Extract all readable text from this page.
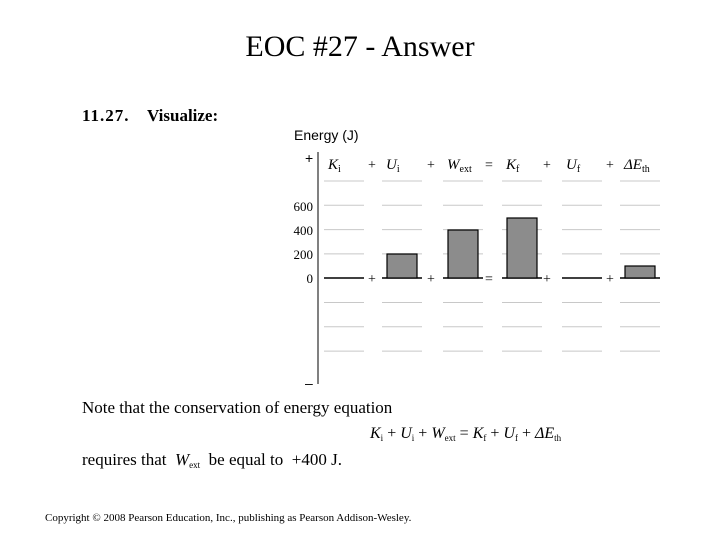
EOC #27 - Answer
11.27. Visualize:
Energy (J)
+
–
600
400
200
0
$K_i$	$U_i$	$W_{ext}$ $K_f$	$U_f$	$\Delta E_{th}$
+	+	=	+	+
+	+	=	+	+
Note that the conservation of energy equation
$K_i + U_i + W_{ext} = K_f + U_f + \Delta E_{th}$
requires that $W_{ext}$ be equal to +400 J.
Copyright © 2008 Pearson Education, Inc., publishing as Pearson Addison-Wesley.
